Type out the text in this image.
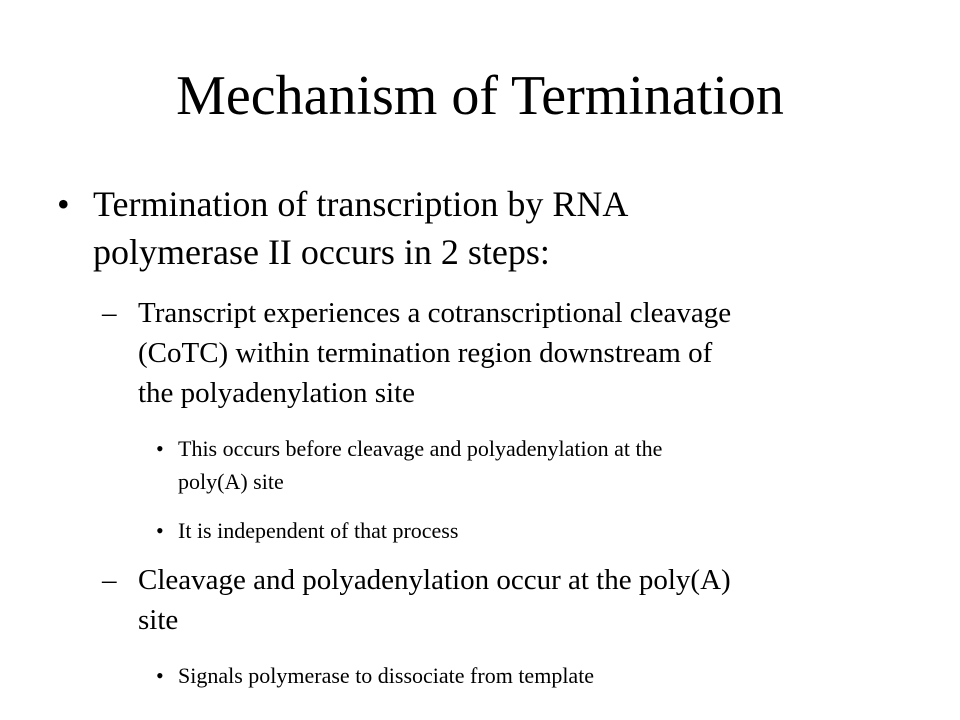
Mechanism of Termination
• Termination of transcription by RNA
polymerase II occurs in 2 steps:
– Transcript experiences a cotranscriptional cleavage
(CoTC) within termination region downstream of
the polyadenylation site
• This occurs before cleavage and polyadenylation at the
poly(A) site
• It is independent of that process
– Cleavage and polyadenylation occur at the poly(A)
site
• Signals polymerase to dissociate from template
